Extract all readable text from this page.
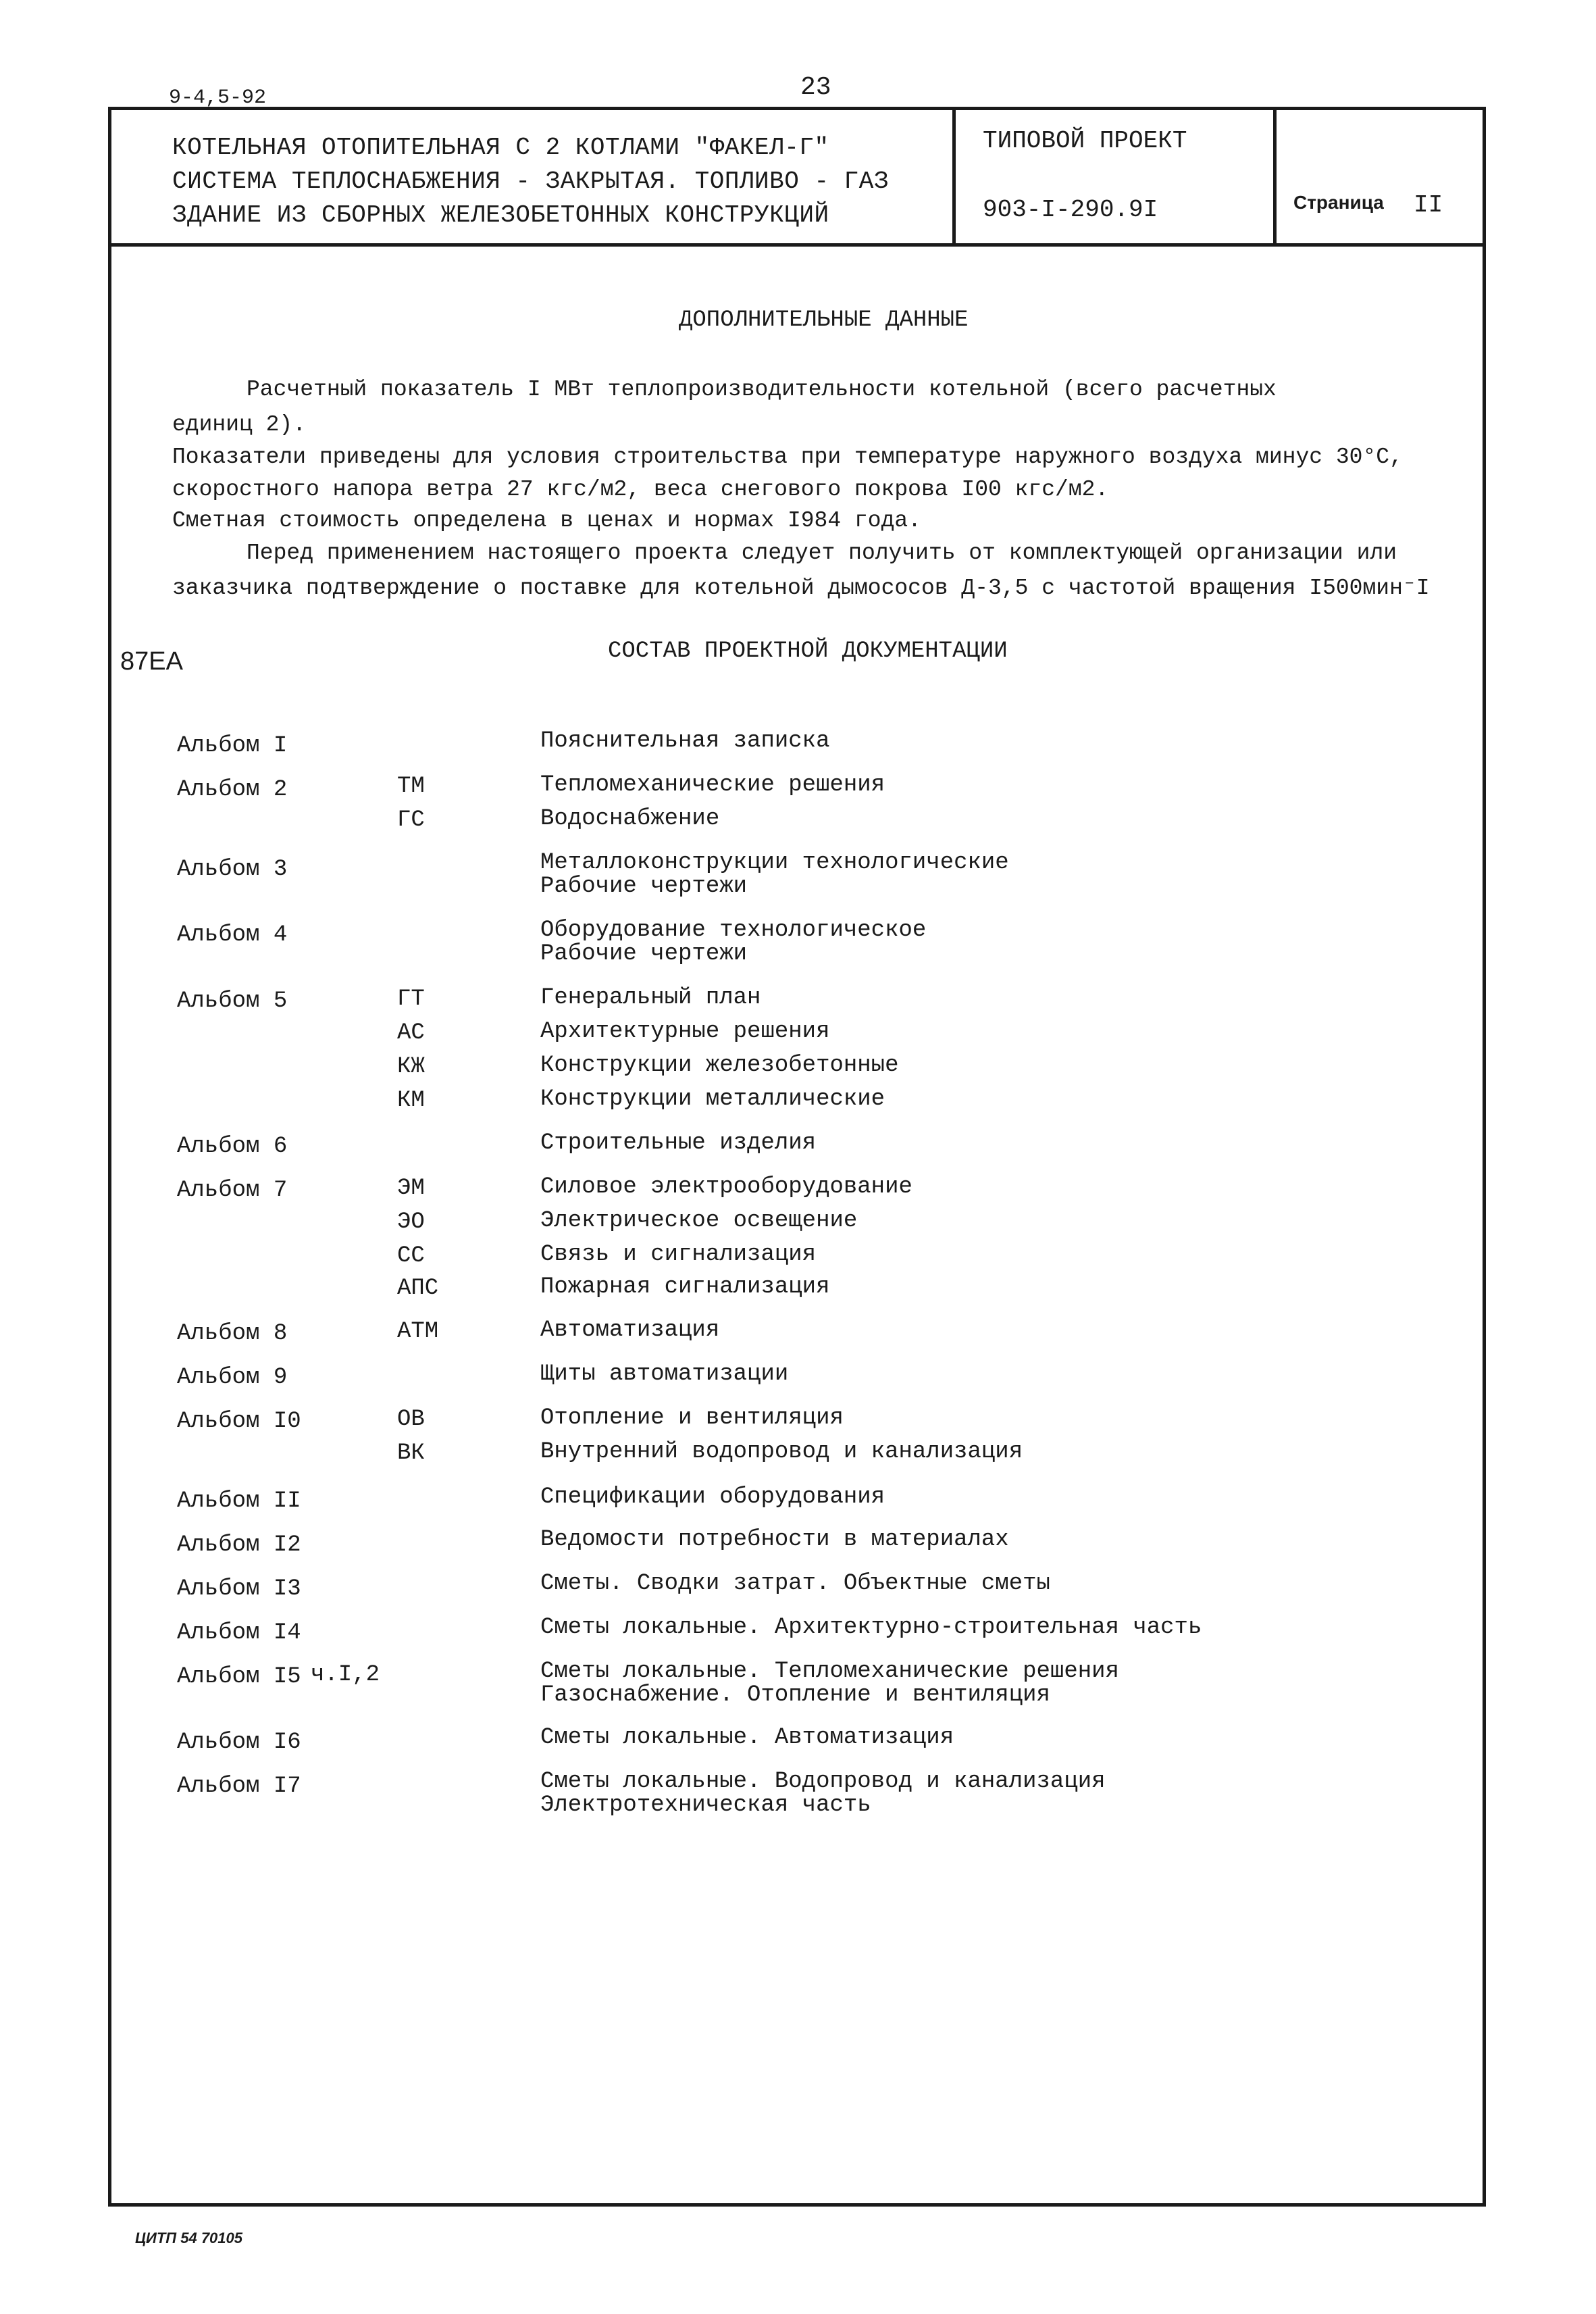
9-4,5-92	23
КОТЕЛЬНАЯ ОТОПИТЕЛЬНАЯ С 2 КОТЛАМИ "ФАКЕЛ-Г"
СИСТЕМА ТЕПЛОСНАБЖЕНИЯ - ЗАКРЫТАЯ. ТОПЛИВО - ГАЗ
ЗДАНИЕ ИЗ СБОРНЫХ ЖЕЛЕЗОБЕТОННЫХ КОНСТРУКЦИЙ
ТИПОВОЙ ПРОЕКТ
903-I-290.9I	Страница II
ДОПОЛНИТЕЛЬНЫЕ ДАННЫЕ
Расчетный показатель I МВт теплопроизводительности котельной (всего расчетных
единиц 2).
Показатели приведены для условия строительства при температуре наружного воздуха минус 30°С,
скоростного напора ветра 27 кгс/м2, веса снегового покрова I00 кгс/м2.
Сметная стоимость определена в ценах и нормах I984 года.
Перед применением настоящего проекта следует получить от комплектующей организации или
заказчика подтверждение о поставке для котельной дымососов Д-3,5 с частотой вращения I500мин⁻I
87EA	СОСТАВ ПРОЕКТНОЙ ДОКУМЕНТАЦИИ
Альбом I	Пояснительная записка
Альбом 2	ТМ	Тепломеханические решения
ГС	Водоснабжение
Альбом 3	Металлоконструкции технологические
Рабочие чертежи
Альбом 4	Оборудование технологическое
Рабочие чертежи
Альбом 5	ГТ	Генеральный план
АС	Архитектурные решения
КЖ	Конструкции железобетонные
КМ	Конструкции металлические
Альбом 6	Строительные изделия
Альбом 7	ЭМ	Силовое электрооборудование
ЭО	Электрическое освещение
СС	Связь и сигнализация
АПС	Пожарная сигнализация
Альбом 8	АТМ	Автоматизация
Альбом 9	Щиты автоматизации
Альбом I0	ОВ	Отопление и вентиляция
ВК	Внутренний водопровод и канализация
Альбом II	Спецификации оборудования
Альбом I2	Ведомости потребности в материалах
Альбом I3	Сметы. Сводки затрат. Объектные сметы
Альбом I4	Сметы локальные. Архитектурно-строительная часть
Альбом I5 ч.I,2	Сметы локальные. Тепломеханические решения
Газоснабжение. Отопление и вентиляция
Альбом I6	Сметы локальные. Автоматизация
Альбом I7	Сметы локальные. Водопровод и канализация
Электротехническая часть
ЦИТП 54 70105
